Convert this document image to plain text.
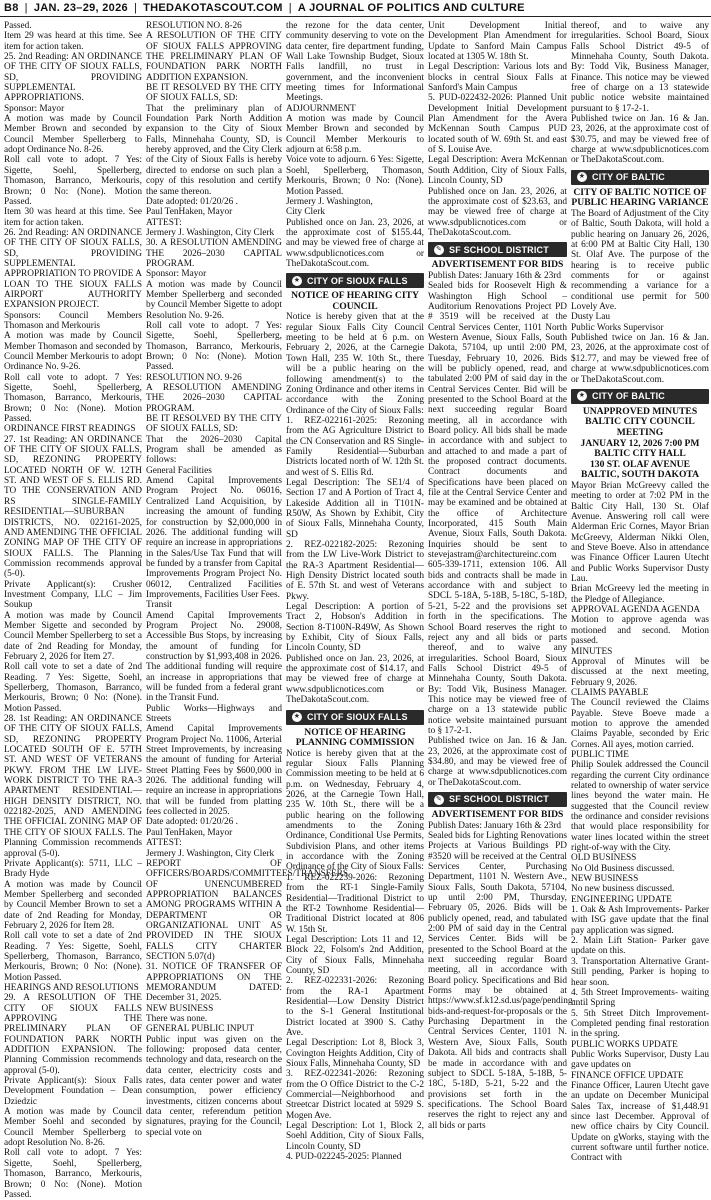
B8 | JAN. 23–29, 2026 | THEDAKOTASCOUT.COM | A JOURNAL OF POLITICS AND CULTURE

Passed.

Item 29 was heard at this time. See item for action taken.

25. 2nd Reading: AN ORDINANCE OF THE CITY OF SIOUX FALLS, SD, PROVIDING SUPPLEMENTAL APPROPRIATIONS.

Sponsor: Mayor

A motion was made by Council Member Brown and seconded by Council Member Spellerberg to adopt Ordinance No. 8-26.

Roll call vote to adopt. 7 Yes: Sigette, Soehl, Spellerberg, Thomason, Barranco, Merkouris, Brown; 0 No: (None). Motion Passed.

Item 30 was heard at this time. See item for action taken.

26. 2nd Reading: AN ORDINANCE OF THE CITY OF SIOUX FALLS, SD, PROVIDING SUPPLEMENTAL APPROPRIATION TO PROVIDE A LOAN TO THE SIOUX FALLS AIRPORT AUTHORITY EXPANSION PROJECT.

Sponsors: Council Members Thomason and Merkouris

A motion was made by Council Member Thomason and seconded by Council Member Merkouris to adopt Ordinance No. 9-26.

Roll call vote to adopt. 7 Yes: Sigette, Soehl, Spellerberg, Thomason, Barranco, Merkouris, Brown; 0 No: (None). Motion Passed.

ORDINANCE FIRST READINGS

27. 1st Reading: AN ORDINANCE OF THE CITY OF SIOUX FALLS, SD, REZONING PROPERTY LOCATED NORTH OF W. 12TH ST. AND WEST OF S. ELLIS RD. TO THE CONSERVATION AND RS SINGLE-FAMILY RESIDENTIAL—SUBURBAN DISTRICTS, NO. 022161-2025, AND AMENDING THE OFFICIAL ZONING MAP OF THE CITY OF SIOUX FALLS. The Planning Commission recommends approval (5-0).

Private Applicant(s): Crusher Investment Company, LLC – Jim Soukup

A motion was made by Council Member Sigette and seconded by Council Member Spellerberg to set a date of 2nd Reading for Monday, February 2, 2026 for Item 27.

Roll call vote to set a date of 2nd Reading. 7 Yes: Sigette, Soehl, Spellerberg, Thomason, Barranco, Merkouris, Brown; 0 No: (None). Motion Passed.

28. 1st Reading: AN ORDINANCE OF THE CITY OF SIOUX FALLS, SD, REZONING PROPERTY LOCATED SOUTH OF E. 57TH ST. AND WEST OF VETERANS PKWY. FROM THE LW LIVE-WORK DISTRICT TO THE RA-3 APARTMENT RESIDENTIAL—HIGH DENSITY DISTRICT, NO. 022182-2025, AND AMENDING THE OFFICIAL ZONING MAP OF THE CITY OF SIOUX FALLS. The Planning Commission recommends approval (5-0).

Private Applicant(s): 5711, LLC – Brady Hyde

A motion was made by Council Member Spellerberg and seconded by Council Member Brown to set a date of 2nd Reading for Monday, February 2, 2026 for Item 28.

Roll call vote to set a date of 2nd Reading. 7 Yes: Sigette, Soehl, Spellerberg, Thomason, Barranco, Merkouris, Brown; 0 No: (None). Motion Passed.

HEARINGS AND RESOLUTIONS

29. A RESOLUTION OF THE CITY OF SIOUX FALLS APPROVING THE PRELIMINARY PLAN OF FOUNDATION PARK NORTH ADDITION EXPANSION. The Planning Commission recommends approval (5-0).

Private Applicant(s): Sioux Falls Development Foundation – Dean Dziedzic

A motion was made by Council Member Soehl and seconded by Council Member Spellerberg to adopt Resolution No. 8-26.

Roll call vote to adopt. 7 Yes: Sigette, Soehl, Spellerberg, Thomason, Barranco, Merkouris, Brown; 0 No: (None). Motion Passed.

RESOLUTION NO. 8-26

A RESOLUTION OF THE CITY OF SIOUX FALLS APPROVING THE PRELIMINARY PLAN OF FOUNDATION PARK NORTH ADDITION EXPANSION.

BE IT RESOLVED BY THE CITY OF SIOUX FALLS, SD:

That the preliminary plan of Foundation Park North Addition expansion to the City of Sioux Falls, Minnehaha County, SD, is hereby approved, and the City Clerk of the City of Sioux Falls is hereby directed to endorse on such plan a copy of this resolution and certify the same thereon.

Date adopted: 01/20/26 .

Paul TenHaken, Mayor

ATTEST:

Jermery J. Washington, City Clerk

30. A RESOLUTION AMENDING THE 2026–2030 CAPITAL PROGRAM.

Sponsor: Mayor

A motion was made by Council Member Spellerberg and seconded by Council Member Sigette to adopt Resolution No. 9-26.

Roll call vote to adopt. 7 Yes: Sigette, Soehl, Spellerberg, Thomason, Barranco, Merkouris, Brown; 0 No: (None). Motion Passed.

RESOLUTION NO. 9-26

A RESOLUTION AMENDING THE 2026–2030 CAPITAL PROGRAM.

BE IT RESOLVED BY THE CITY OF SIOUX FALLS, SD:

That the 2026–2030 Capital Program shall be amended as follows:

General Facilities

Amend Capital Improvements Program Project No. 06016, Centralized Land Acquisition, by increasing the amount of funding for construction by $2,000,000 in 2026. The additional funding will require an increase in appropriations in the Sales/Use Tax Fund that will be funded by a transfer from Capital Improvements Program Project No. 06012, Centralized Facilities Improvements, Facilities User Fees.

Transit

Amend Capital Improvements Program Project No. 29008, Accessible Bus Stops, by increasing the amount of funding for construction by $1,993,408 in 2026. The additional funding will require an increase in appropriations that will be funded from a federal grant in the Transit Fund.

Public Works—Highways and Streets

Amend Capital Improvements Program Project No. 11006, Arterial Street Improvements, by increasing the amount of funding for Arterial Street Platting Fees by $600,000 in 2026. The additional funding will require an increase in appropriations that will be funded from platting fees collected in 2025.

Date adopted: 01/20/26 .

Paul TenHaken, Mayor

ATTEST:

Jermery J. Washington, City Clerk

REPORT OF OFFICERS/BOARDS/COMMITTEES/TRANSFERS OF UNENCUMBERED APPROPRIATION BALANCES AMONG PROGRAMS WITHIN A DEPARTMENT OR ORGANIZATIONAL UNIT AS PROVIDED IN THE SIOUX FALLS CITY CHARTER SECTION 5.07(d)

31. NOTICE OF TRANSFER OF APPROPRIATIONS ON THE MEMORANDUM DATED: December 31, 2025.

NEW BUSINESS

There was none.

GENERAL PUBLIC INPUT

Public input was given on the following: proposed data center, technology and data, research on the data center, electricity costs and rates, data center power and water consumption, power efficiency investments, citizen concerns about data center, referendum petition signatures, praying for the Council, special vote on

the rezone for the data center, community deserving to vote on the data center, fire department funding, Wall Lake Township Budget, Sioux Falls landfill, no trust in government, and the inconvenient meeting times for Informational Meetings.

ADJOURNMENT

A motion was made by Council Member Brown and seconded by Council Member Merkouris to adjourn at 6:58 p.m.

Voice vote to adjourn. 6 Yes: Sigette, Soehl, Spellerberg, Thomason, Merkouris, Brown; 0 No: (None). Motion Passed.

Jermery J. Washington,

City Clerk

Published once on Jan. 23, 2026, at the approximate cost of $155.44, and may be viewed free of charge at www.sdpublicnotices.com or TheDakotaScout.com.

★ CITY OF SIOUX FALLS

NOTICE OF HEARING CITY COUNCIL

Notice is hereby given that at the regular Sioux Falls City Council meeting to be held at 6 p.m. on February 2, 2026, at the Carnegie Town Hall, 235 W. 10th St., there will be a public hearing on the following amendment(s) to the Zoning Ordinance and other items in accordance with the Zoning Ordinance of the City of Sioux Falls:

1. REZ-022161-2025: Rezoning from the AG Agriculture District to the CN Conservation and RS Single-Family Residential—Suburban Districts located north of W. 12th St. and west of S. Ellis Rd.

Legal Description: The SE1/4 of Section 17 and A Portion of Tract 4, Lakeside Addition all in T101N-R50W, As Shown by Exhibit, City of Sioux Falls, Minnehaha County, SD

2. REZ-022182-2025: Rezoning from the LW Live-Work District to the RA-3 Apartment Residential—High Density District located south of E. 57th St. and west of Veterans Pkwy.

Legal Description: A portion of Tract 2, Hobson's Addition in Section 8-T100N-R49W, As Shown by Exhibit, City of Sioux Falls, Lincoln County, SD

Published once on Jan. 23, 2026, at the approximate cost of $14.17, and may be viewed free of charge at www.sdpublicnotices.com or TheDakotaScout.com.

★ CITY OF SIOUX FALLS

NOTICE OF HEARING PLANNING COMMISSION

Notice is hereby given that at the regular Sioux Falls Planning Commission meeting to be held at 6 p.m. on Wednesday, February 4, 2026, at the Carnegie Town Hall, 235 W. 10th St., there will be a public hearing on the following amendments to the Zoning Ordinance, Conditional Use Permits, Subdivision Plans, and other items in accordance with the Zoning Ordinance of the City of Sioux Falls:

1. REZ-022239-2026: Rezoning from the RT-1 Single-Family Residential—Traditional District to the RT-2 Townhome Residential—Traditional District located at 806 W. 15th St.

Legal Description: Lots 11 and 12, Block 22, Folsom's 2nd Addition, City of Sioux Falls, Minnehaha County, SD

2. REZ-022331-2026: Rezoning from the RA-1 Apartment Residential—Low Density District to the S-1 General Institutional District located at 3900 S. Cathy Ave.

Legal Description: Lot 8, Block 3, Covington Heights Addition, City of Sioux Falls, Minnehaha County, SD

3. REZ-022341-2026: Rezoning from the O Office District to the C-2 Commercial—Neighborhood and Streetcar District located at 5929 S. Mogen Ave.

Legal Description: Lot 1, Block 2, Soehl Addition, City of Sioux Falls, Lincoln County, SD

4. PUD-022245-2025: Planned

Unit Development Initial Development Plan Amendment for Update to Sanford Main Campus located at 1305 W. 18th St.

Legal Description: Various lots and blocks in central Sioux Falls at Sanford's Main Campus

5. PUD-022432-2026: Planned Unit Development Initial Development Plan Amendment for the Avera McKennan South Campus PUD located south of W. 69th St. and east of S. Louise Ave.

Legal Description: Avera McKennan South Addition, City of Sioux Falls, Lincoln County, SD

Published once on Jan. 23, 2026, at the approximate cost of $23.63, and may be viewed free of charge at www.sdpublicnotices.com or TheDakotaScout.com.

✎ SF SCHOOL DISTRICT

ADVERTISEMENT FOR BIDS

Publish Dates: January 16th & 23rd

Sealed bids for Roosevelt High & Washington High School – Auditorium Renovations Project PD # 3519 will be received at the Central Services Center, 1101 North Western Avenue, Sioux Falls, South Dakota, 57104, up until 2:00 PM, Tuesday, February 10, 2026. Bids will be publicly opened, read, and tabulated 2:00 PM of said day in the Central Services Center. Bid will be presented to the School Board at the next succeeding regular Board meeting, all in accordance with Board policy. All bids shall be made in accordance with and subject to and attached to and made a part of the proposed contract documents. Contract documents and Specifications have been placed on file at the Central Service Center and may be examined and be obtained at the office of Architecture Incorporated, 415 South Main Avenue, Sioux Falls, South Dakota. Inquiries should be sent to stevejastram@architectureinc.com 605-339-1711, extension 106. All bids and contracts shall be made in accordance with and subject to SDCL 5-18A, 5-18B, 5-18C, 5-18D, 5-21, 5-22 and the provisions set forth in the specifications. The School Board reserves the right to reject any and all bids or parts thereof, and to waive any irregularities. School Board, Sioux Falls School District 49-5 of Minnehaha County, South Dakota. By: Todd Vik, Business Manager. This notice may be viewed free of charge on a 13 statewide public notice website maintained pursuant to § 17-2-1.

Published twice on Jan. 16 & Jan. 23, 2026, at the approximate cost of $34.80, and may be viewed free of charge at www.sdpublicnotices.com or TheDakotaScout.com.

✎ SF SCHOOL DISTRICT

ADVERTISEMENT FOR BIDS

Publish Dates: January 16th & 23rd

Sealed bids for Lighting Renovations Projects at Various Buildings PD #3520 will be received at the Central Services Center, Purchasing Department, 1101 N. Western Ave., Sioux Falls, South Dakota, 57104, up until 2:00 PM, Thursday, February 05, 2026. Bids will be publicly opened, read, and tabulated 2:00 PM of said day in the Central Services Center. Bids will be presented to the School Board at the next succeeding regular Board meeting, all in accordance with Board policy. Specifications and Bid Forms may be obtained at https://www.sf.k12.sd.us/page/pending-bids-and-request-for-proposals or the Purchasing Department in the Central Services Center, 1101 N. Western Ave, Sioux Falls, South Dakota. All bids and contracts shall be made in accordance with and subject to SDCL 5-18A, 5-18B, 5-18C, 5-18D, 5-21, 5-22 and the provisions set forth in the specifications. The School Board reserves the right to reject any and all bids or parts

thereof, and to waive any irregularities. School Board, Sioux Falls School District 49-5 of Minnehaha County, South Dakota. By: Todd Vik, Business Manager, Finance. This notice may be viewed free of charge on a 13 statewide public notice website maintained pursuant to § 17-2-1.

Published twice on Jan. 16 & Jan. 23, 2026, at the approximate cost of $30.75, and may be viewed free of charge at www.sdpublicnotices.com or TheDakotaScout.com.

★ CITY OF BALTIC

CITY OF BALTIC NOTICE OF PUBLIC HEARING VARIANCE

The Board of Adjustment of the City of Baltic, South Dakota, will hold a public hearing on January 26, 2026, at 6:00 PM at Baltic City Hall, 130 St. Olaf Ave. The purpose of the hearing is to receive public comments for or against recommending a variance for a conditional use permit for 500 Lovely Ave.

Dusty Lau

Public Works Supervisor

Published twice on Jan. 16 & Jan. 23, 2026, at the approximate cost of $12.77, and may be viewed free of charge at www.sdpublicnotices.com or TheDakotaScout.com.

★ CITY OF BALTIC

UNAPPROVED MINUTES BALTIC CITY COUNCIL MEETING

JANUARY 12, 2026 7:00 PM BALTIC CITY HALL

130 ST. OLAF AVENUE BALTIC, SOUTH DAKOTA

Mayor Brian McGreevy called the meeting to order at 7:02 PM in the Baltic City Hall, 130 St. Olaf Avenue. Answering roll call were Alderman Eric Cornes, Mayor Brian McGreevy, Alderman Nikki Olen, and Steve Boeve. Also in attendance was Finance Officer Lauren Utecht and Public Works Supervisor Dusty Lau.

Brian McGreevy led the meeting in the Pledge of Allegiance.

APPROVAL AGENDA AGENDA

Motion to approve agenda was motioned and second. Motion passed.

MINUTES

Approval of Minutes will be discussed at the next meeting, February 9, 2026.

CLAIMS PAYABLE

The Council reviewed the Claims Payable. Steve Boeve made a motion to approve the amended Claims Payable, seconded by Eric Cornes. All ayes, motion carried.

PUBLIC TIME

Philip Soulek addressed the Council regarding the current City ordinance related to ownership of water service lines beyond the water main. He suggested that the Council review the ordinance and consider revisions that would place responsibility for water lines located within the street right-of-way with the City.

OLD BUSINESS

No Old Business discussed.

NEW BUSINESS

No new business discussed.

ENGINEERING UPDATE

1. Oak & Ash Improvements- Parker with ISG gave update that the final pay application was signed.

2. Main Lift Station- Parker gave update on this.

3. Transportation Alternative Grant- Still pending, Parker is hoping to hear soon.

4. 5th Street Improvements- waiting until Spring

5. 5th Street Ditch Improvement- Completed pending final restoration in the spring.

PUBLIC WORKS UPDATE

Public Works Supervisor, Dusty Lau gave updates on

FINANCE OFFICE UPDATE

Finance Officer, Lauren Utecht gave an update on December Municipal Sales Tax, increase of $1,448.91 since last December. Approval of new office chairs by City Council. Update on gWorks, staying with the current software until further notice. Contract with
